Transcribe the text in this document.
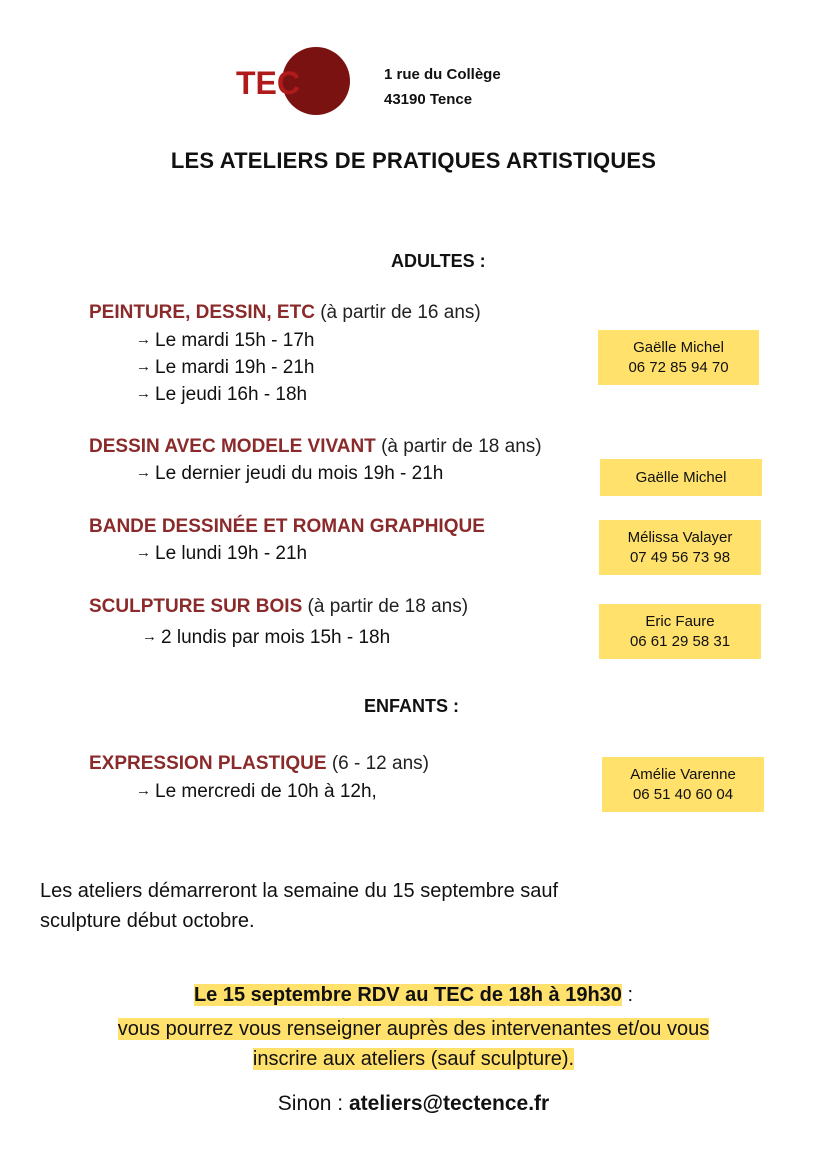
TEC	1 rue du Collège
43190 Tence
LES ATELIERS DE PRATIQUES ARTISTIQUES
ADULTES :
PEINTURE, DESSIN, ETC (à partir de 16 ans)
→ Le mardi 15h - 17h
→ Le mardi 19h - 21h
→ Le jeudi 16h - 18h
Gaëlle Michel
06 72 85 94 70
DESSIN AVEC MODELE VIVANT (à partir de 18 ans)
→ Le dernier jeudi du mois 19h - 21h	Gaëlle Michel
BANDE DESSINÉE ET ROMAN GRAPHIQUE
→ Le lundi 19h - 21h
Mélissa Valayer
07 49 56 73 98
SCULPTURE SUR BOIS (à partir de 18 ans)
→ 2 lundis par mois 15h - 18h
Eric Faure
06 61 29 58 31
ENFANTS :
EXPRESSION PLASTIQUE (6 - 12 ans)
→ Le mercredi de 10h à 12h,
Amélie Varenne
06 51 40 60 04
Les ateliers démarreront la semaine du 15 septembre sauf
sculpture début octobre.
Le 15 septembre RDV au TEC de 18h à 19h30 :
vous pourrez vous renseigner auprès des intervenantes et/ou vous
inscrire aux ateliers (sauf sculpture).
Sinon : ateliers@tectence.fr
